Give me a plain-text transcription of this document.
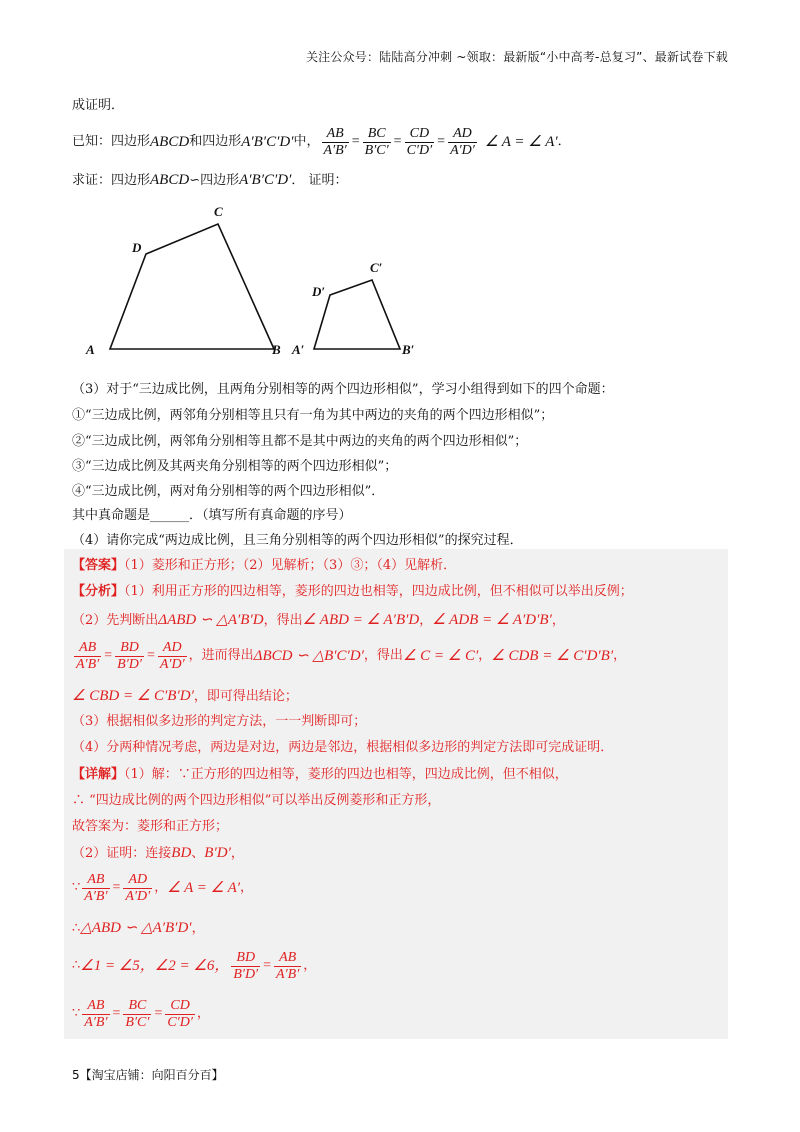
关注公众号：陆陆高分冲刺 ~领取：最新版“小中高考-总复习”、最新试卷下载
成证明．
已知：四边形 ABCD 和四边形 A′B′C′D′ 中， $\frac{AB}{A'B'} = \frac{BC}{B'C'} = \frac{CD}{C'D'} = \frac{AD}{A'D'}$ ∠ A = ∠ A′ ．
求证：四边形ABCD∽四边形A′B′C′D′． 证明：
A	B
C
D
A′	B′
C′
D′
（3）对于“三边成比例，且两角分别相等的两个四边形相似”，学习小组得到如下的四个命题：
①“三边成比例，两邻角分别相等且只有一角为其中两边的夹角的两个四边形相似”；
②“三边成比例，两邻角分别相等且都不是其中两边的夹角的两个四边形相似”；
③“三边成比例及其两夹角分别相等的两个四边形相似”；
④“三边成比例，两对角分别相等的两个四边形相似”．
其中真命题是______．（填写所有真命题的序号）
（4）请你完成“两边成比例，且三角分别相等的两个四边形相似”的探究过程．
【答案】（1）菱形和正方形；（2）见解析；（3）③；（4）见解析．
【分析】（1）利用正方形的四边相等，菱形的四边也相等，四边成比例，但不相似可以举出反例；
（2）先判断出ΔABD ∽ △A′B′D，得出∠ ABD = ∠ A′B′D，∠ ADB = ∠ A′D′B′，
$\frac{AB}{A'B'} = \frac{BD}{B'D'} = \frac{AD}{A'D'}$ ，进而得出 ΔBCD ∽ △B′C′D′ ，得出 ∠ C = ∠ C′ ， ∠ CDB = ∠ C′D′B′ ，
∠ CBD = ∠ C′B′D′，即可得出结论；
（3）根据相似多边形的判定方法，一一判断即可；
（4）分两种情况考虑，两边是对边，两边是邻边，根据相似多边形的判定方法即可完成证明．
【详解】（1）解：∵正方形的四边相等，菱形的四边也相等，四边成比例，但不相似，
∴ “四边成比例的两个四边形相似”可以举出反例菱形和正方形，
故答案为：菱形和正方形；
（2）证明：连接BD、B′D′，
∵ $\frac{AB}{A'B'} = \frac{AD}{A'D'}$ ， ∠ A = ∠ A′ ，
∴△ABD ∽ △A′B′D′，
∴ ∠1 = ∠5，∠2 = ∠6， $\frac{BD}{B'D'} = \frac{AB}{A'B'}$ ，
∵ $\frac{AB}{A'B'} = \frac{BC}{B'C'} = \frac{CD}{C'D'}$ ，
5【淘宝店铺：向阳百分百】
